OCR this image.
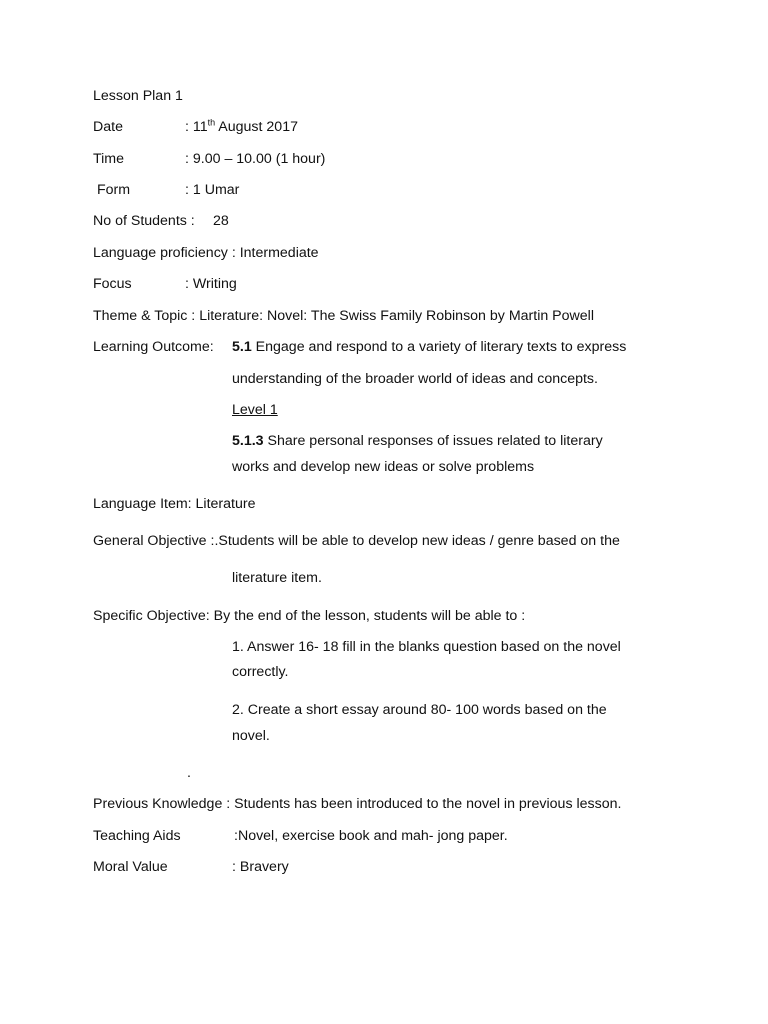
Lesson Plan 1
Date	: 11th August 2017
Time	: 9.00 – 10.00 (1 hour)
Form	: 1 Umar
No of Students : 28
Language proficiency : Intermediate
Focus	: Writing
Theme & Topic : Literature: Novel: The Swiss Family Robinson by Martin Powell
Learning Outcome: 5.1 Engage and respond to a variety of literary texts to express
understanding of the broader world of ideas and concepts.
Level 1
5.1.3 Share personal responses of issues related to literary
works and develop new ideas or solve problems
Language Item: Literature
General Objective :.Students will be able to develop new ideas / genre based on the
literature item.
Specific Objective: By the end of the lesson, students will be able to :
1. Answer 16- 18 fill in the blanks question based on the novel
correctly.
2. Create a short essay around 80- 100 words based on the
novel.
.
Previous Knowledge : Students has been introduced to the novel in previous lesson.
Teaching Aids	:Novel, exercise book and mah- jong paper.
Moral Value	: Bravery
